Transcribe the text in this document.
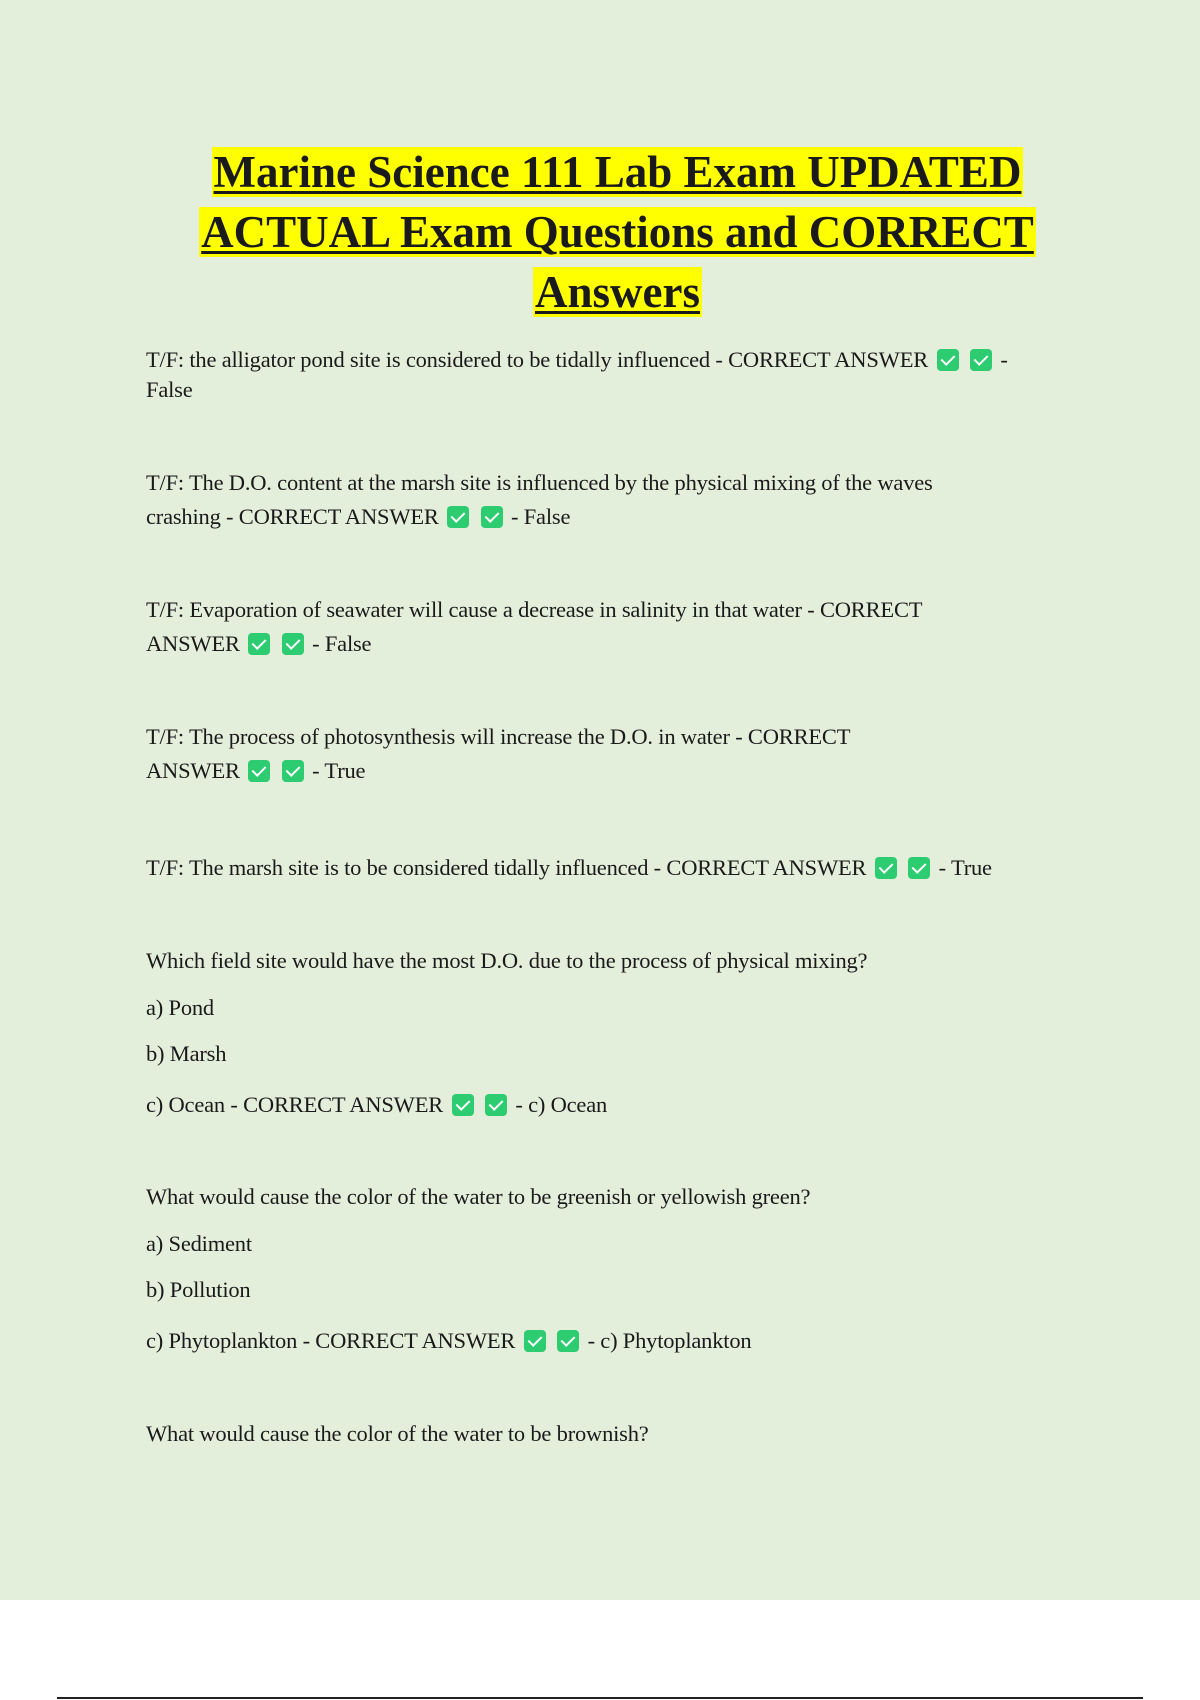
Marine Science 111 Lab Exam UPDATED

ACTUAL Exam Questions and CORRECT

Answers

T/F: the alligator pond site is considered to be tidally influenced - CORRECT ANSWER	-
False
T/F: The D.O. content at the marsh site is influenced by the physical mixing of the waves
crashing - CORRECT ANSWER	- False
T/F: Evaporation of seawater will cause a decrease in salinity in that water - CORRECT
ANSWER	- False
T/F: The process of photosynthesis will increase the D.O. in water - CORRECT
ANSWER	- True
T/F: The marsh site is to be considered tidally influenced - CORRECT ANSWER	- True
Which field site would have the most D.O. due to the process of physical mixing?
a) Pond
b) Marsh
c) Ocean - CORRECT ANSWER	- c) Ocean
What would cause the color of the water to be greenish or yellowish green?
a) Sediment
b) Pollution
c) Phytoplankton - CORRECT ANSWER	- c) Phytoplankton
What would cause the color of the water to be brownish?
